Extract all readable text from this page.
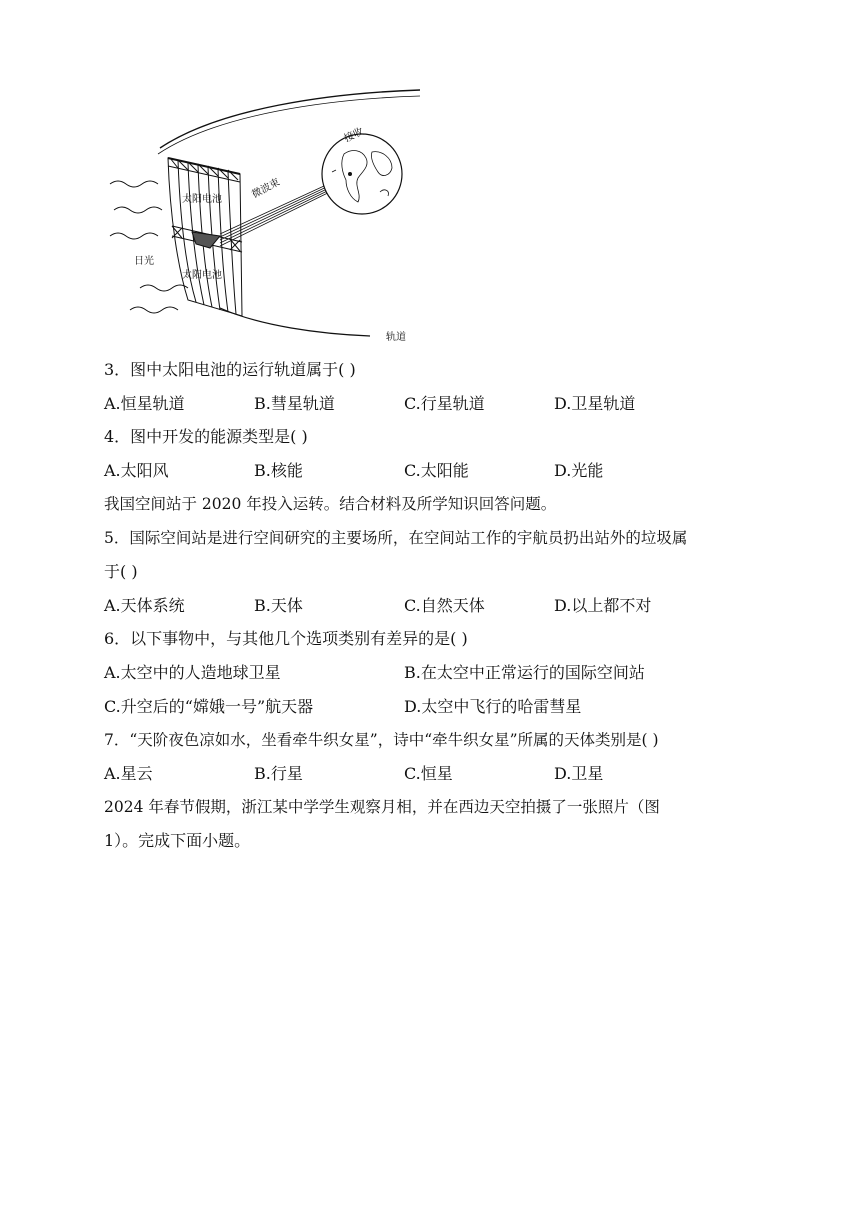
接收
微波束
太阳电池
太阳电池
日光
轨道
3．图中太阳电池的运行轨道属于( )
A.恒星轨道	B.彗星轨道	C.行星轨道	D.卫星轨道
4．图中开发的能源类型是( )
A.太阳风	B.核能	C.太阳能	D.光能
我国空间站于 2020 年投入运转。结合材料及所学知识回答问题。
5．国际空间站是进行空间研究的主要场所，在空间站工作的宇航员扔出站外的垃圾属
于( )
A.天体系统	B.天体	C.自然天体	D.以上都不对
6．以下事物中，与其他几个选项类别有差异的是( )
A.太空中的人造地球卫星	B.在太空中正常运行的国际空间站
C.升空后的“嫦娥一号”航天器	D.太空中飞行的哈雷彗星
7．“天阶夜色凉如水，坐看牵牛织女星”，诗中“牵牛织女星”所属的天体类别是( )
A.星云	B.行星	C.恒星	D.卫星
2024 年春节假期，浙江某中学学生观察月相，并在西边天空拍摄了一张照片（图
1）。完成下面小题。
